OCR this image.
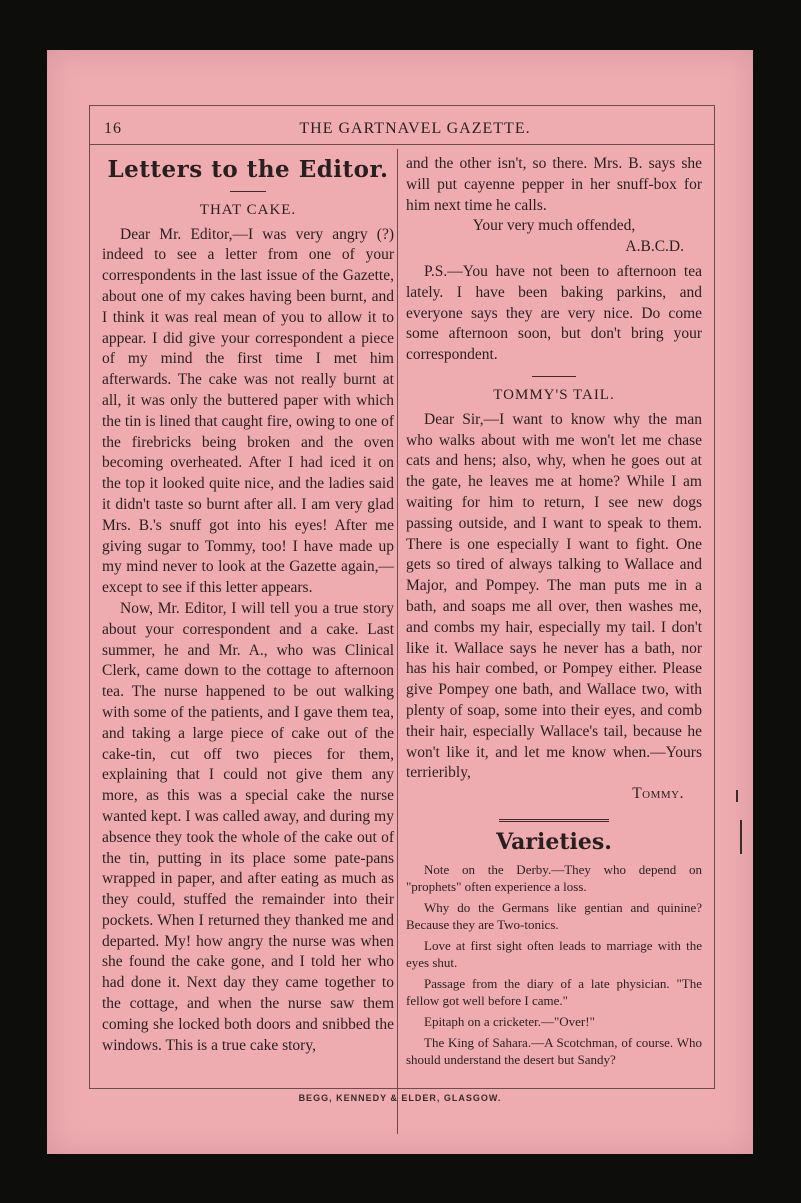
16	THE GARTNAVEL GAZETTE.
Letters to the Editor.
THAT CAKE.

Dear Mr. Editor,—I was very angry (?) indeed to see a letter from one of your correspondents in the last issue of the Gazette, about one of my cakes having been burnt, and I think it was real mean of you to allow it to appear. I did give your correspondent a piece of my mind the first time I met him afterwards. The cake was not really burnt at all, it was only the buttered paper with which the tin is lined that caught fire, owing to one of the firebricks being broken and the oven becoming overheated. After I had iced it on the top it looked quite nice, and the ladies said it didn't taste so burnt after all. I am very glad Mrs. B.'s snuff got into his eyes! After me giving sugar to Tommy, too! I have made up my mind never to look at the Gazette again,—except to see if this letter appears.

Now, Mr. Editor, I will tell you a true story about your correspondent and a cake. Last summer, he and Mr. A., who was Clinical Clerk, came down to the cottage to afternoon tea. The nurse happened to be out walking with some of the patients, and I gave them tea, and taking a large piece of cake out of the cake-tin, cut off two pieces for them, explaining that I could not give them any more, as this was a special cake the nurse wanted kept. I was called away, and during my absence they took the whole of the cake out of the tin, putting in its place some pate-pans wrapped in paper, and after eating as much as they could, stuffed the remainder into their pockets. When I returned they thanked me and departed. My! how angry the nurse was when she found the cake gone, and I told her who had done it. Next day they came together to the cottage, and when the nurse saw them coming she locked both doors and snibbed the windows. This is a true cake story,

and the other isn't, so there. Mrs. B. says she will put cayenne pepper in her snuff-box for him next time he calls.

Your very much offended,
A.B.C.D.

P.S.—You have not been to afternoon tea lately. I have been baking parkins, and everyone says they are very nice. Do come some afternoon soon, but don't bring your correspondent.

TOMMY'S TAIL.

Dear Sir,—I want to know why the man who walks about with me won't let me chase cats and hens; also, why, when he goes out at the gate, he leaves me at home? While I am waiting for him to return, I see new dogs passing outside, and I want to speak to them. There is one especially I want to fight. One gets so tired of always talking to Wallace and Major, and Pompey. The man puts me in a bath, and soaps me all over, then washes me, and combs my hair, especially my tail. I don't like it. Wallace says he never has a bath, nor has his hair combed, or Pompey either. Please give Pompey one bath, and Wallace two, with plenty of soap, some into their eyes, and comb their hair, especially Wallace's tail, because he won't like it, and let me know when.—Yours terrieribly,

Tommy.
Varieties.

Note on the Derby.—They who depend on "prophets" often experience a loss.

Why do the Germans like gentian and quinine? Because they are Two-tonics.

Love at first sight often leads to marriage with the eyes shut.

Passage from the diary of a late physician. "The fellow got well before I came."

Epitaph on a cricketer.—"Over!"

The King of Sahara.—A Scotchman, of course. Who should understand the desert but Sandy?

BEGG, KENNEDY & ELDER, GLASGOW.
